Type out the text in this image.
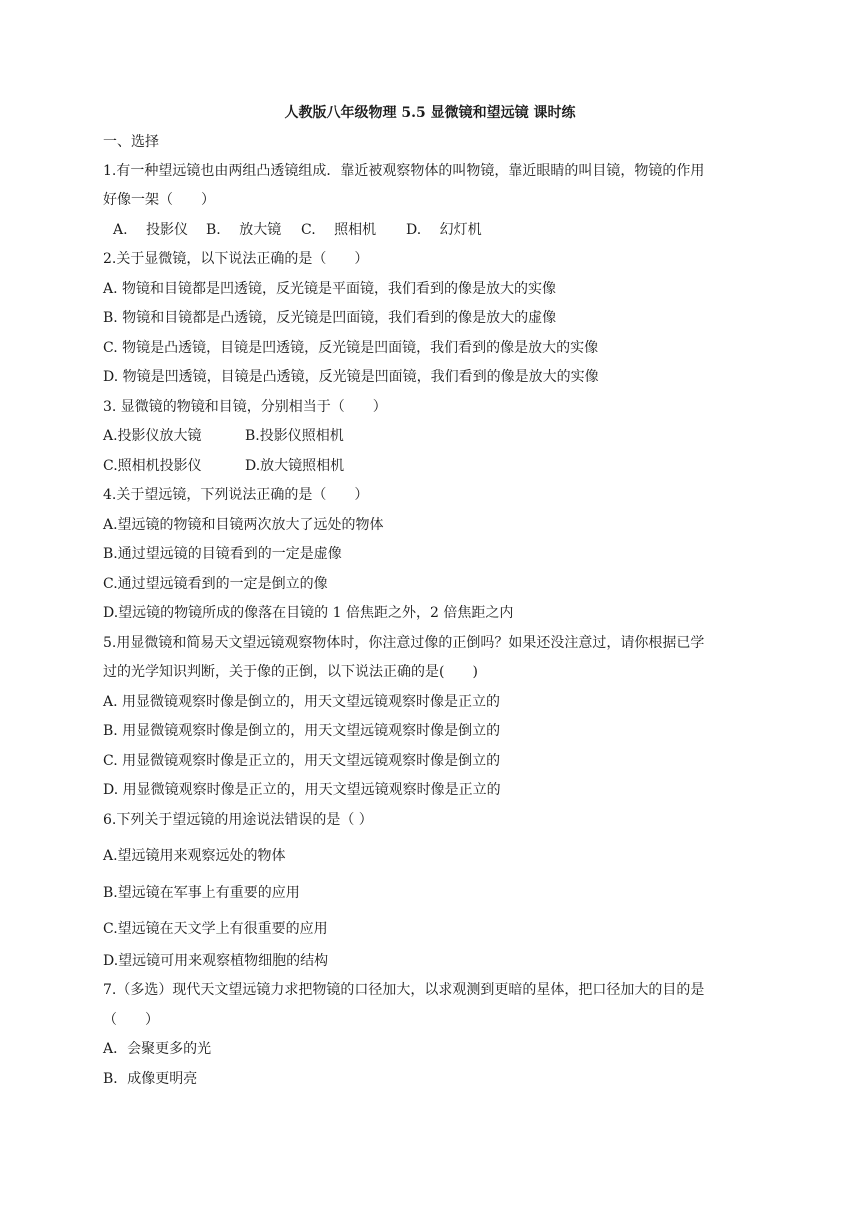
人教版八年级物理 5.5 显微镜和望远镜 课时练
一、选择
1.有一种望远镜也由两组凸透镜组成．靠近被观察物体的叫物镜，靠近眼睛的叫目镜，物镜的作用
好像一架（　　）
A.　 投影仪 B.　 放大镜 C.　 照相机 D.　 幻灯机
2.关于显微镜，以下说法正确的是（　　）
A. 物镜和目镜都是凹透镜，反光镜是平面镜，我们看到的像是放大的实像
B. 物镜和目镜都是凸透镜，反光镜是凹面镜，我们看到的像是放大的虚像
C. 物镜是凸透镜，目镜是凹透镜，反光镜是凹面镜，我们看到的像是放大的实像
D. 物镜是凹透镜，目镜是凸透镜，反光镜是凹面镜，我们看到的像是放大的实像
3. 显微镜的物镜和目镜，分别相当于（　　）
A.投影仪放大镜	B.投影仪照相机
C.照相机投影仪	D.放大镜照相机
4.关于望远镜，下列说法正确的是（　　）
A.望远镜的物镜和目镜两次放大了远处的物体
B.通过望远镜的目镜看到的一定是虚像
C.通过望远镜看到的一定是倒立的像
D.望远镜的物镜所成的像落在目镜的 1 倍焦距之外，2 倍焦距之内
5.用显微镜和简易天文望远镜观察物体时，你注意过像的正倒吗？如果还没注意过，请你根据已学
过的光学知识判断，关于像的正倒，以下说法正确的是(　　)
A. 用显微镜观察时像是倒立的，用天文望远镜观察时像是正立的
B. 用显微镜观察时像是倒立的，用天文望远镜观察时像是倒立的
C. 用显微镜观察时像是正立的，用天文望远镜观察时像是倒立的
D. 用显微镜观察时像是正立的，用天文望远镜观察时像是正立的
6.下列关于望远镜的用途说法错误的是（ ）
A.望远镜用来观察远处的物体
B.望远镜在军事上有重要的应用
C.望远镜在天文学上有很重要的应用
D.望远镜可用来观察植物细胞的结构
7.（多选）现代天文望远镜力求把物镜的口径加大，以求观测到更暗的星体，把口径加大的目的是
（　　）
A．会聚更多的光
B．成像更明亮
